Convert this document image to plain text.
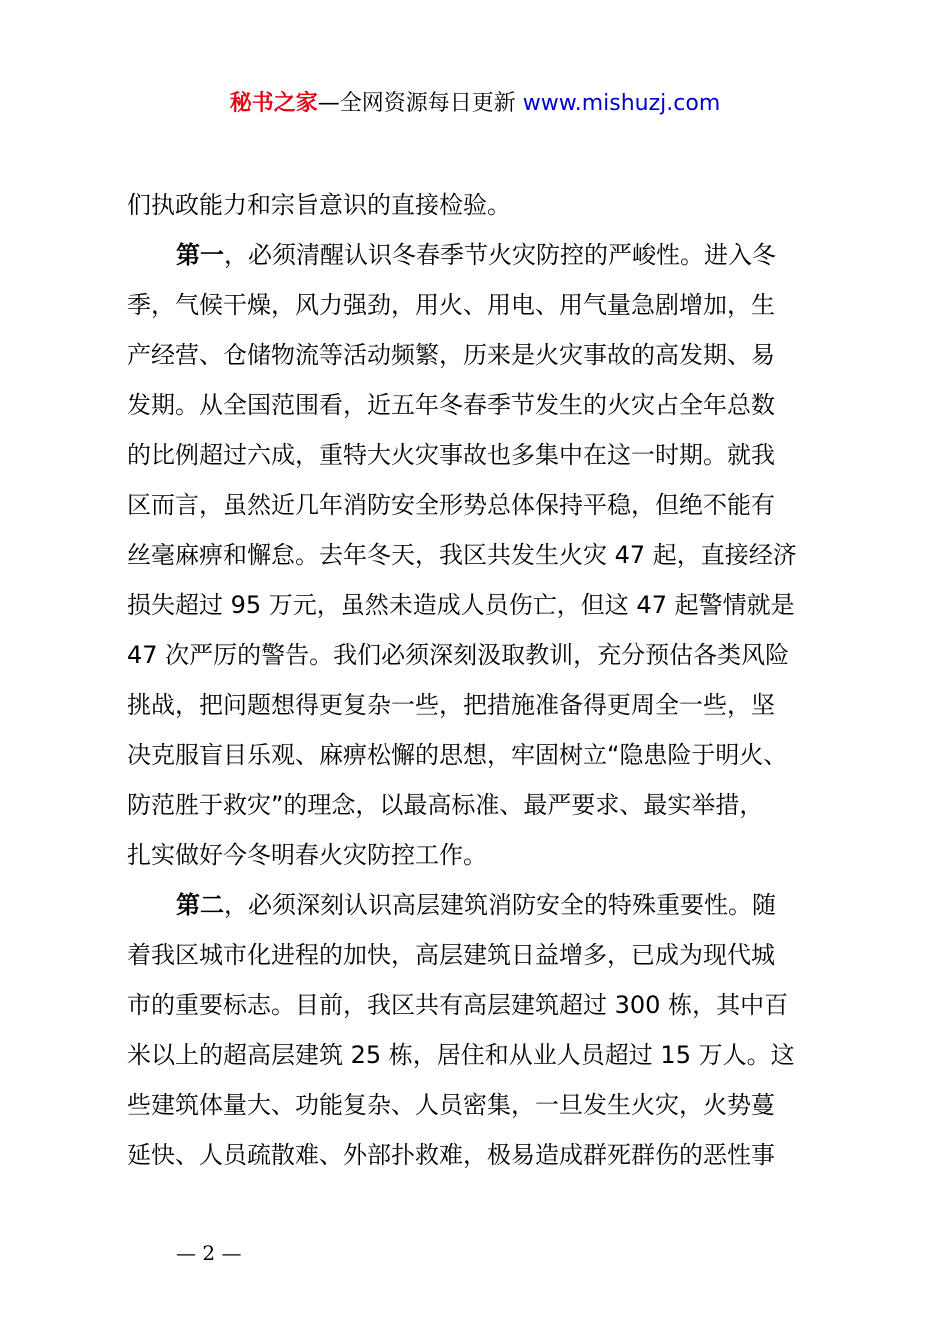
秘书之家—全网资源每日更新 www.mishuzj.com
们执政能力和宗旨意识的直接检验。
第一，必须清醒认识冬春季节火灾防控的严峻性。进入冬
季，气候干燥，风力强劲，用火、用电、用气量急剧增加，生
产经营、仓储物流等活动频繁，历来是火灾事故的高发期、易
发期。从全国范围看，近五年冬春季节发生的火灾占全年总数
的比例超过六成，重特大火灾事故也多集中在这一时期。就我
区而言，虽然近几年消防安全形势总体保持平稳，但绝不能有
丝毫麻痹和懈怠。去年冬天，我区共发生火灾 47 起，直接经济
损失超过 95 万元，虽然未造成人员伤亡，但这 47 起警情就是
47 次严厉的警告。我们必须深刻汲取教训，充分预估各类风险
挑战，把问题想得更复杂一些，把措施准备得更周全一些，坚
决克服盲目乐观、麻痹松懈的思想，牢固树立“隐患险于明火、
防范胜于救灾”的理念，以最高标准、最严要求、最实举措，
扎实做好今冬明春火灾防控工作。
第二，必须深刻认识高层建筑消防安全的特殊重要性。随
着我区城市化进程的加快，高层建筑日益增多，已成为现代城
市的重要标志。目前，我区共有高层建筑超过 300 栋，其中百
米以上的超高层建筑 25 栋，居住和从业人员超过 15 万人。这
些建筑体量大、功能复杂、人员密集，一旦发生火灾，火势蔓
延快、人员疏散难、外部扑救难，极易造成群死群伤的恶性事
— 2 —
